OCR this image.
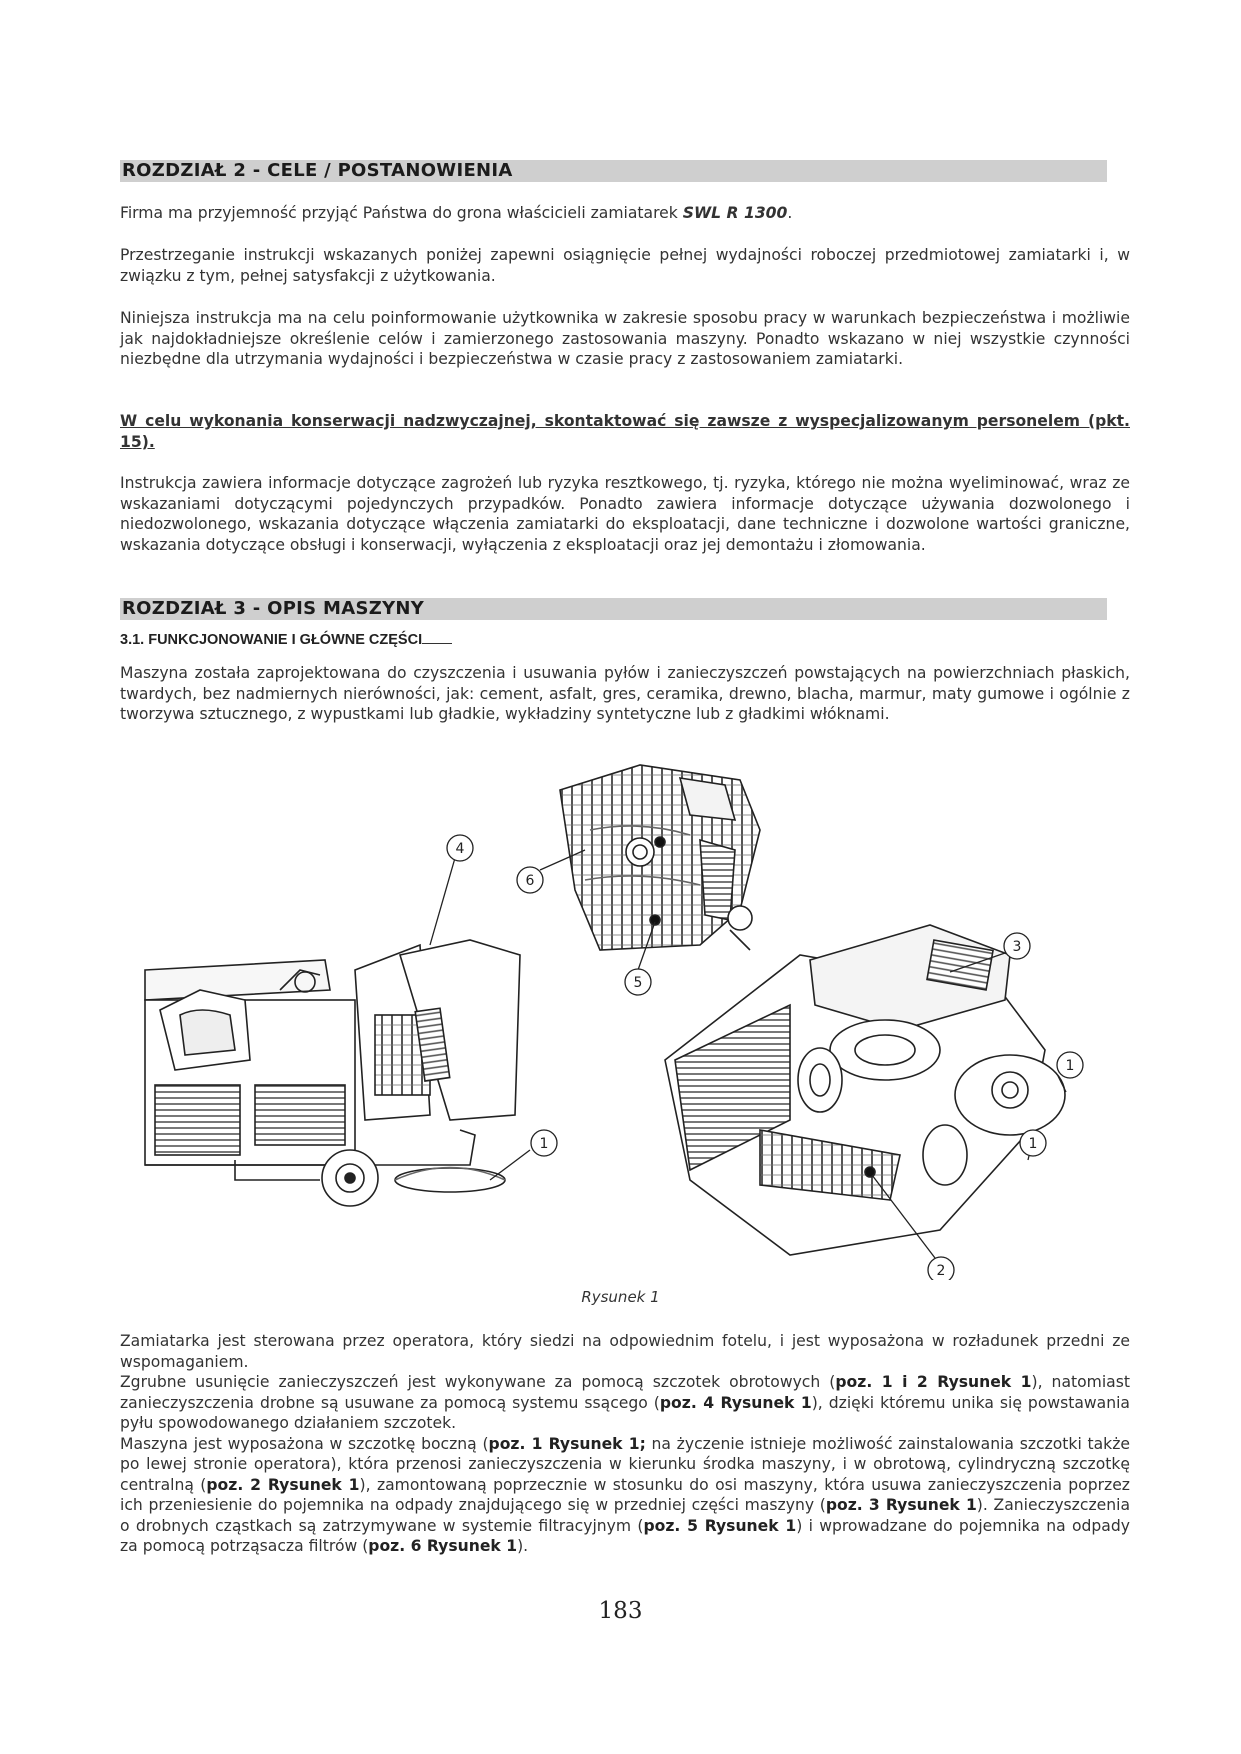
ROZDZIAŁ 2 - CELE / POSTANOWIENIA

Firma ma przyjemność przyjąć Państwa do grona właścicieli zamiatarek SWL R 1300.

Przestrzeganie instrukcji wskazanych poniżej zapewni osiągnięcie pełnej wydajności roboczej przedmiotowej zamiatarki i, w związku z tym, pełnej satysfakcji z użytkowania.
Niniejsza instrukcja ma na celu poinformowanie użytkownika w zakresie sposobu pracy w warunkach bezpieczeństwa i możliwie jak najdokładniejsze określenie celów i zamierzonego zastosowania maszyny. Ponadto wskazano w niej wszystkie czynności niezbędne dla utrzymania wydajności i bezpieczeństwa w czasie pracy z zastosowaniem zamiatarki.
W celu wykonania konserwacji nadzwyczajnej, skontaktować się zawsze z wyspecjalizowanym personelem (pkt. 15).
Instrukcja zawiera informacje dotyczące zagrożeń lub ryzyka resztkowego, tj. ryzyka, którego nie można wyeliminować, wraz ze wskazaniami dotyczącymi pojedynczych przypadków. Ponadto zawiera informacje dotyczące używania dozwolonego i niedozwolonego, wskazania dotyczące włączenia zamiatarki do eksploatacji, dane techniczne i dozwolone wartości graniczne, wskazania dotyczące obsługi i konserwacji, wyłączenia z eksploatacji oraz jej demontażu i złomowania.
ROZDZIAŁ 3 - OPIS MASZYNY
3.1. FUNKCJONOWANIE I GŁÓWNE CZĘŚCI
Maszyna została zaprojektowana do czyszczenia i usuwania pyłów i zanieczyszczeń powstających na powierzchniach płaskich, twardych, bez nadmiernych nierówności, jak: cement, asfalt, gres, ceramika, drewno, blacha, marmur, maty gumowe i ogólnie z tworzywa sztucznego, z wypustkami lub gładkie, wykładziny syntetyczne lub z gładkimi włóknami.
6
5
4
1
3
1
1
2
Rysunek 1

Zamiatarka jest sterowana przez operatora, który siedzi na odpowiednim fotelu, i jest wyposażona w rozładunek przedni ze wspomaganiem.

Zgrubne usunięcie zanieczyszczeń jest wykonywane za pomocą szczotek obrotowych (poz. 1 i 2 Rysunek 1), natomiast zanieczyszczenia drobne są usuwane za pomocą systemu ssącego (poz. 4 Rysunek 1), dzięki któremu unika się powstawania pyłu spowodowanego działaniem szczotek.

Maszyna jest wyposażona w szczotkę boczną (poz. 1 Rysunek 1; na życzenie istnieje możliwość zainstalowania szczotki także po lewej stronie operatora), która przenosi zanieczyszczenia w kierunku środka maszyny, i w obrotową, cylindryczną szczotkę centralną (poz. 2 Rysunek 1), zamontowaną poprzecznie w stosunku do osi maszyny, która usuwa zanieczyszczenia poprzez ich przeniesienie do pojemnika na odpady znajdującego się w przedniej części maszyny (poz. 3 Rysunek 1). Zanieczyszczenia o drobnych cząstkach są zatrzymywane w systemie filtracyjnym (poz. 5 Rysunek 1) i wprowadzane do pojemnika na odpady za pomocą potrząsacza filtrów (poz. 6 Rysunek 1).

183
